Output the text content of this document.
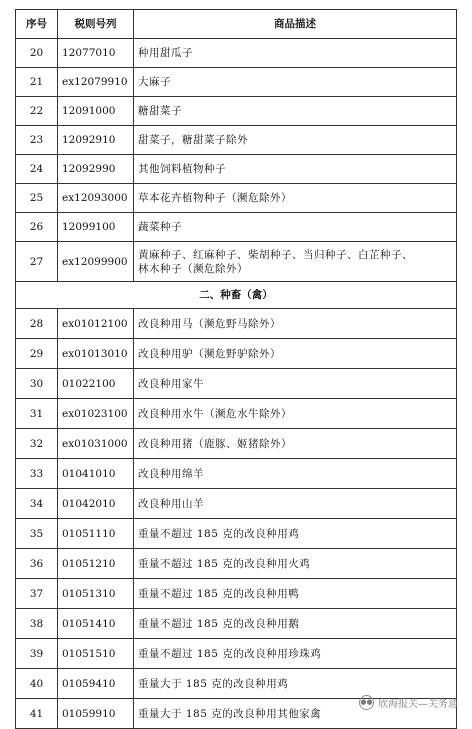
序号	税则号列	商品描述
20	12077010	种用甜瓜子
21	ex12079910	大麻子
22	12091000	糖甜菜子
23	12092910	甜菜子，糖甜菜子除外
24	12092990	其他饲料植物种子
25	ex12093000	草本花卉植物种子（濒危除外）
26	12099100	蔬菜种子
27	ex12099900	黄麻种子、红麻种子、柴胡种子、当归种子、白芷种子、
林木种子（濒危除外）

二、种畜（禽）		
28	ex01012100	改良种用马（濒危野马除外）
29	ex01013010	改良种用驴（濒危野驴除外）
30	01022100	改良种用家牛
31	ex01023100	改良种用水牛（濒危水牛除外）
32	ex01031000	改良种用猪（鹿豚、姬猪除外）
33	01041010	改良种用绵羊
34	01042010	改良种用山羊
35	01051110	重量不超过 185 克的改良种用鸡
36	01051210	重量不超过 185 克的改良种用火鸡
37	01051310	重量不超过 185 克的改良种用鸭
38	01051410	重量不超过 185 克的改良种用鹅
39	01051510	重量不超过 185 克的改良种用珍珠鸡
40	01059410	重量大于 185 克的改良种用鸡
41	01059910	重量大于 185 克的改良种用其他家禽
●● 欣海报关—关务通
